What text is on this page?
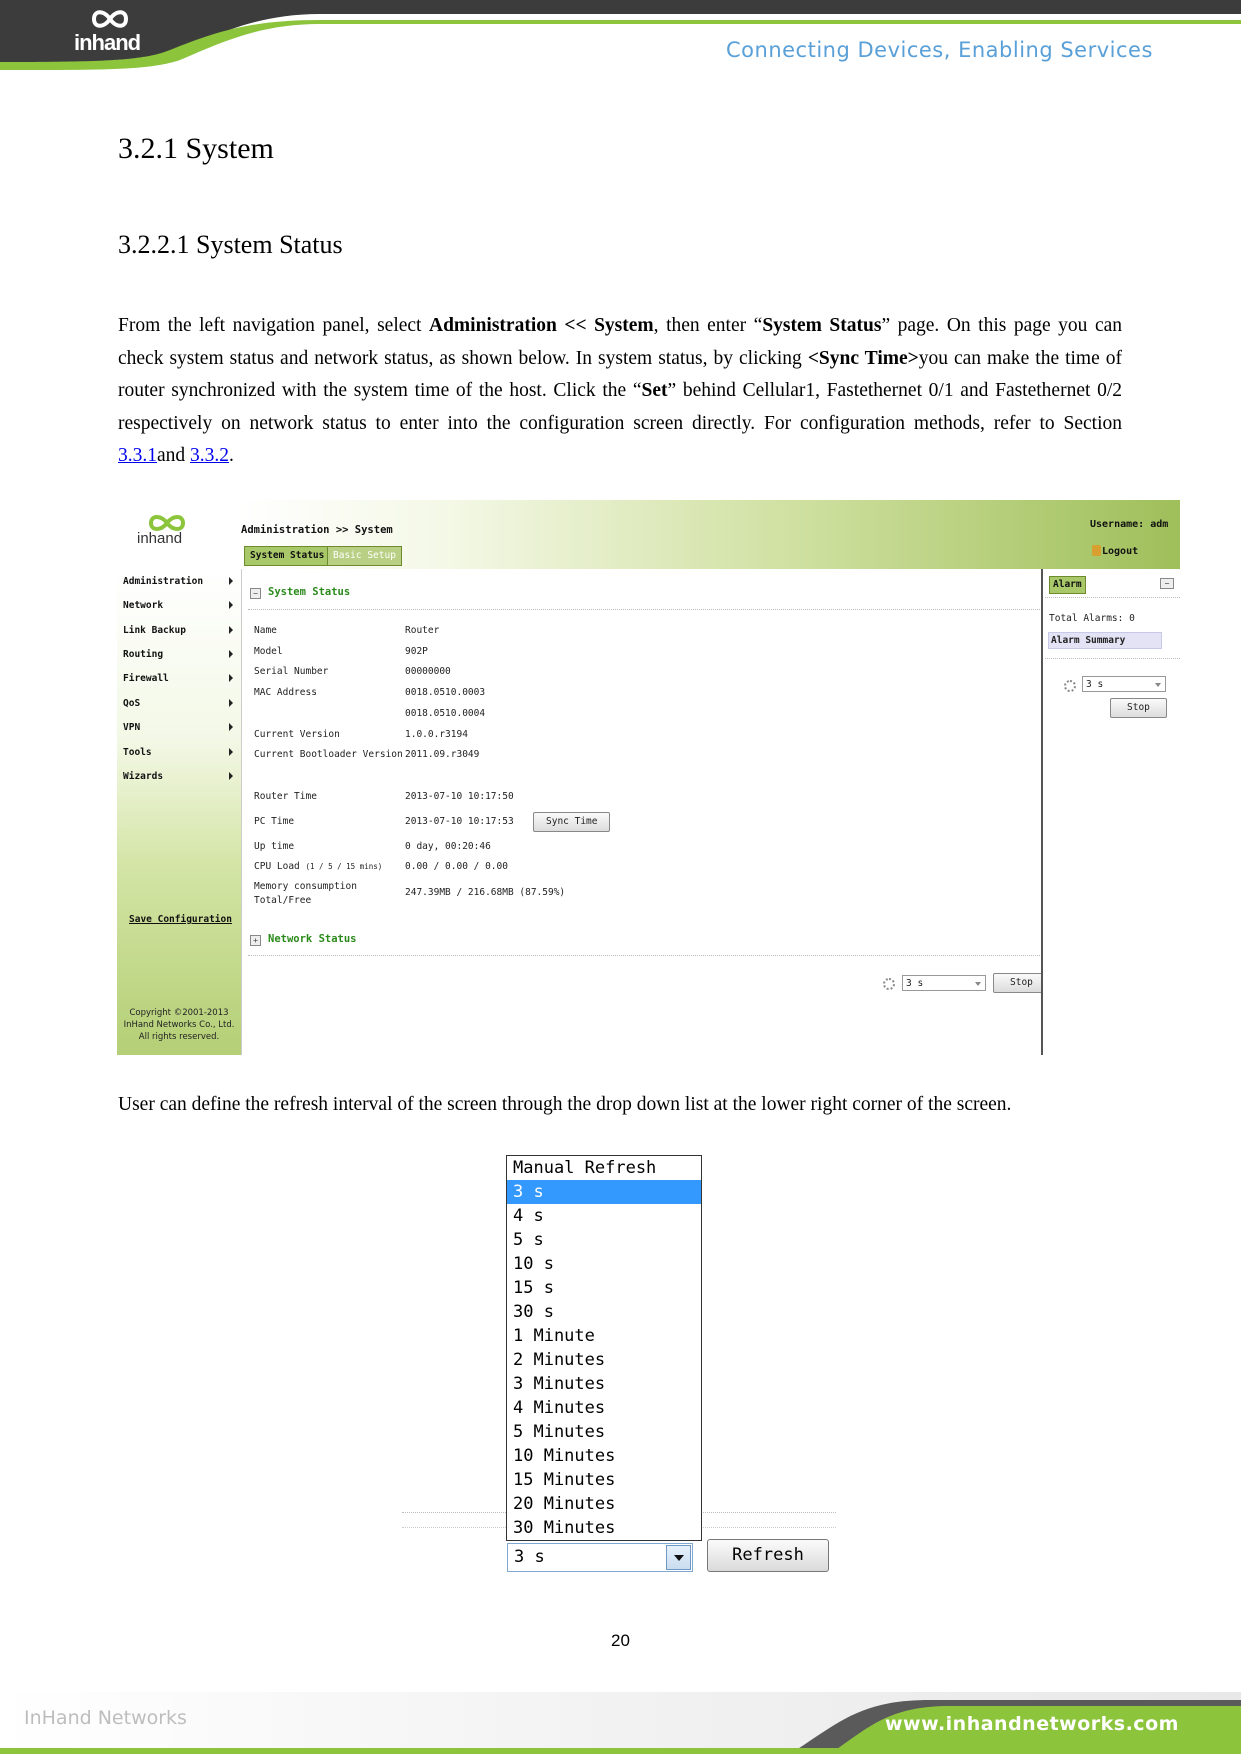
inhand	Connecting Devices, Enabling Services
3.2.1 System
3.2.2.1 System Status
From the left navigation panel, select Administration << System, then enter “System Status” page. On this page you can check system status and network status, as shown below. In system status, by clicking <Sync Time>you can make the time of router synchronized with the system time of the host. Click the “Set” behind Cellular1, Fastethernet 0/1 and Fastethernet 0/2 respectively on network status to enter into the configuration screen directly. For configuration methods, refer to Section 3.3.1and 3.3.2.
inhand	Administration >> System
System Status Basic Setup
Username: adm
Logout
Administration
Network
Link Backup
Routing
Firewall
QoS
VPN
Tools
Wizards
Save Configuration
Copyright ©2001-2013
InHand Networks Co., Ltd.
All rights reserved.
− System Status
Name	Router
Model	902P
Serial Number	00000000
MAC Address	0018.0510.0003
0018.0510.0004
Current Version	1.0.0.r3194
Current Bootloader Version 2011.09.r3049
Router Time	2013-07-10 10:17:50
PC Time	2013-07-10 10:17:53	Sync Time
Up time	0 day, 00:20:46
CPU Load (1 / 5 / 15 mins) 0.00 / 0.00 / 0.00
Memory consumption
Total/Free
247.39MB / 216.68MB (87.59%)
+ Network Status
3 s	Stop
Alarm	−
Total Alarms: 0
Alarm Summary
3 s
Stop
User can define the refresh interval of the screen through the drop down list at the lower right corner of the screen.
Manual Refresh
3 s
4 s
5 s
10 s
15 s
30 s
1 Minute
2 Minutes
3 Minutes
4 Minutes
5 Minutes
10 Minutes
15 Minutes
20 Minutes
30 Minutes
3 s	Refresh
20
InHand Networks	www.inhandnetworks.com
